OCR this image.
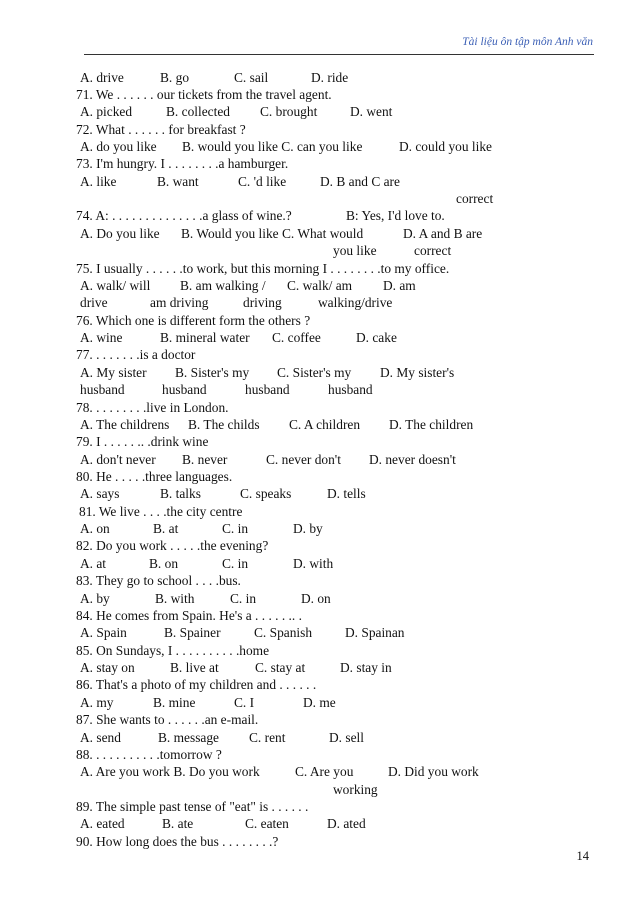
Tài liệu ôn tập môn Anh văn
A. drive	B. go	C. sail	D. ride
71. We . . . . . . our tickets from the travel agent.
A. picked	B. collected C. brought D. went
72. What . . . . . . for breakfast ?
A. do you like B. would you like C. can you like	D. could you like
73. I'm hungry. I . . . . . . . .a hamburger.
A. like	B. want	C. 'd like	D. B and C are
correct
74. A: . . . . . . . . . . . . . .a glass of wine.?	B: Yes, I'd love to.
A. Do you like B. Would you like C. What would	D. A and B are
you like	correct
75. I usually . . . . . .to work, but this morning I . . . . . . . .to my office.
A. walk/ will B. am walking / C. walk/ am D. am
drive	am driving	driving	walking/drive
76. Which one is different form the others ?
A. wine	B. mineral water C. coffee	D. cake
77. . . . . . . .is a doctor
A. My sister B. Sister's my C. Sister's my D. My sister's
husband	husband	husband	husband
78. . . . . . . . .live in London.
A. The childrens B. The childs C. A children D. The children
79. I . . . . . .. .drink wine
A. don't never B. never	C. never don't D. never doesn't
80. He . . . . .three languages.
A. says	B. talks	C. speaks	D. tells
81. We live . . . .the city centre
A. on	B. at	C. in	D. by
82. Do you work . . . . .the evening?
A. at	B. on	C. in	D. with
83. They go to school . . . .bus.
A. by	B. with	C. in	D. on
84. He comes from Spain. He's a . . . . . .. .
A. Spain	B. Spainer C. Spanish D. Spainan
85. On Sundays, I . . . . . . . . . .home
A. stay on	B. live at	C. stay at	D. stay in
86. That's a photo of my children and . . . . . .
A. my	B. mine	C. I	D. me
87. She wants to . . . . . .an e-mail.
A. send	B. message C. rent	D. sell
88. . . . . . . . . . .tomorrow ?
A. Are you work B. Do you work	C. Are you	D. Did you work
working
89. The simple past tense of "eat" is . . . . . .
A. eated	B. ate	C. eaten	D. ated
90. How long does the bus . . . . . . . .?
14
